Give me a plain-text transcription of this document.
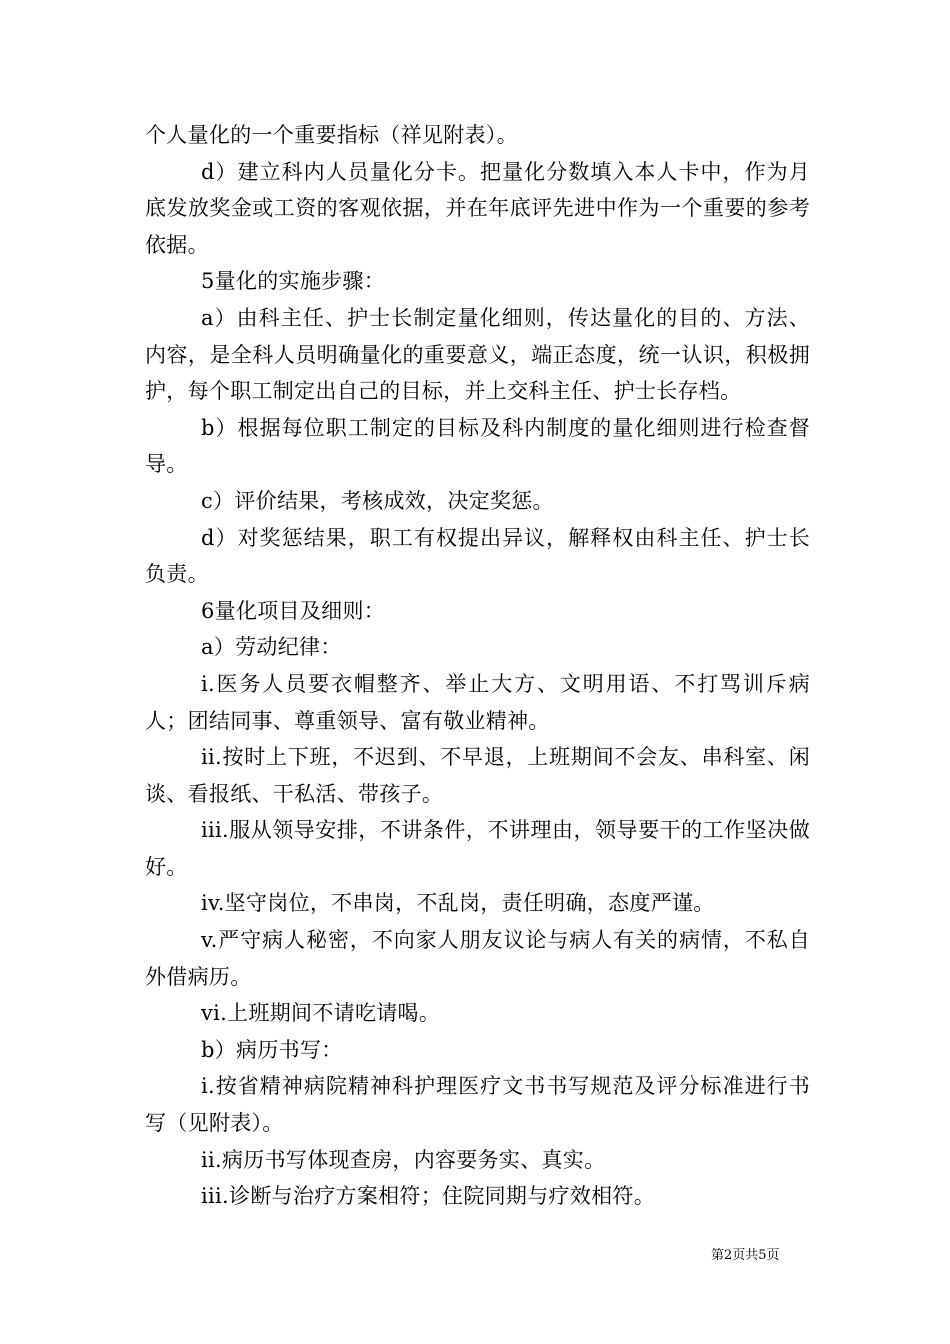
个人量化的一个重要指标（祥见附表）。

d）建立科内人员量化分卡。把量化分数填入本人卡中，作为月底发放奖金或工资的客观依据，并在年底评先进中作为一个重要的参考依据。

5量化的实施步骤：

a）由科主任、护士长制定量化细则，传达量化的目的、方法、内容，是全科人员明确量化的重要意义，端正态度，统一认识，积极拥护，每个职工制定出自己的目标，并上交科主任、护士长存档。

b）根据每位职工制定的目标及科内制度的量化细则进行检查督导。

c）评价结果，考核成效，决定奖惩。

d）对奖惩结果，职工有权提出异议，解释权由科主任、护士长负责。

6量化项目及细则：

a）劳动纪律：

i.医务人员要衣帽整齐、举止大方、文明用语、不打骂训斥病人；团结同事、尊重领导、富有敬业精神。

ii.按时上下班，不迟到、不早退，上班期间不会友、串科室、闲谈、看报纸、干私活、带孩子。

iii.服从领导安排，不讲条件，不讲理由，领导要干的工作坚决做好。

iv.坚守岗位，不串岗，不乱岗，责任明确，态度严谨。

v.严守病人秘密，不向家人朋友议论与病人有关的病情，不私自外借病历。

vi.上班期间不请吃请喝。

b）病历书写：

i.按省精神病院精神科护理医疗文书书写规范及评分标准进行书写（见附表）。

ii.病历书写体现查房，内容要务实、真实。

iii.诊断与治疗方案相符；住院同期与疗效相符。

第2页共5页
